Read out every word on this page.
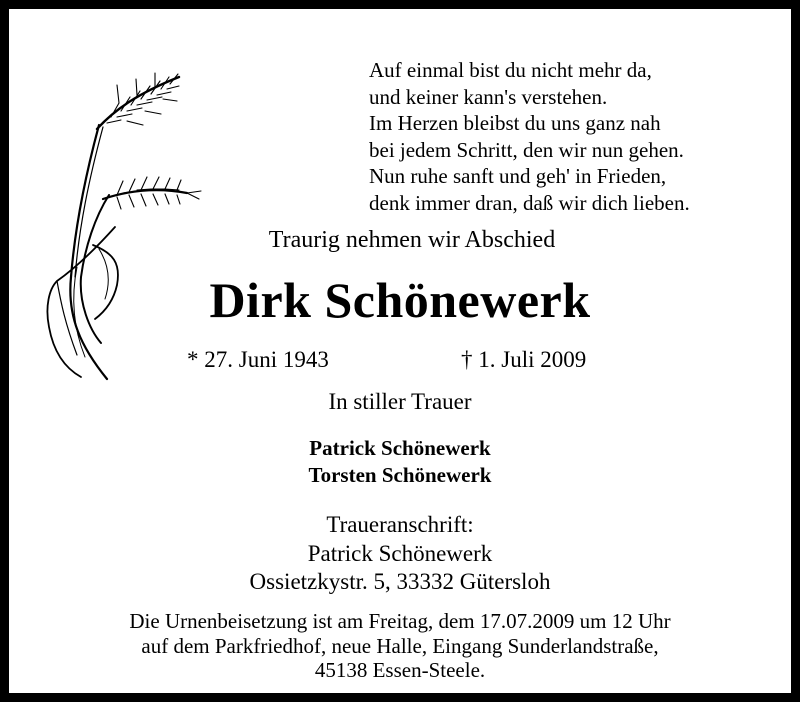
Auf einmal bist du nicht mehr da,
und keiner kann's verstehen.
Im Herzen bleibst du uns ganz nah
bei jedem Schritt, den wir nun gehen.
Nun ruhe sanft und geh' in Frieden,
denk immer dran, daß wir dich lieben.
Traurig nehmen wir Abschied
Dirk Schönewerk
* 27. Juni 1943	† 1. Juli 2009
In stiller Trauer
Patrick Schönewerk
Torsten Schönewerk
Traueranschrift:
Patrick Schönewerk
Ossietzkystr. 5, 33332 Gütersloh
Die Urnenbeisetzung ist am Freitag, dem 17.07.2009 um 12 Uhr
auf dem Parkfriedhof, neue Halle, Eingang Sunderlandstraße,
45138 Essen-Steele.
